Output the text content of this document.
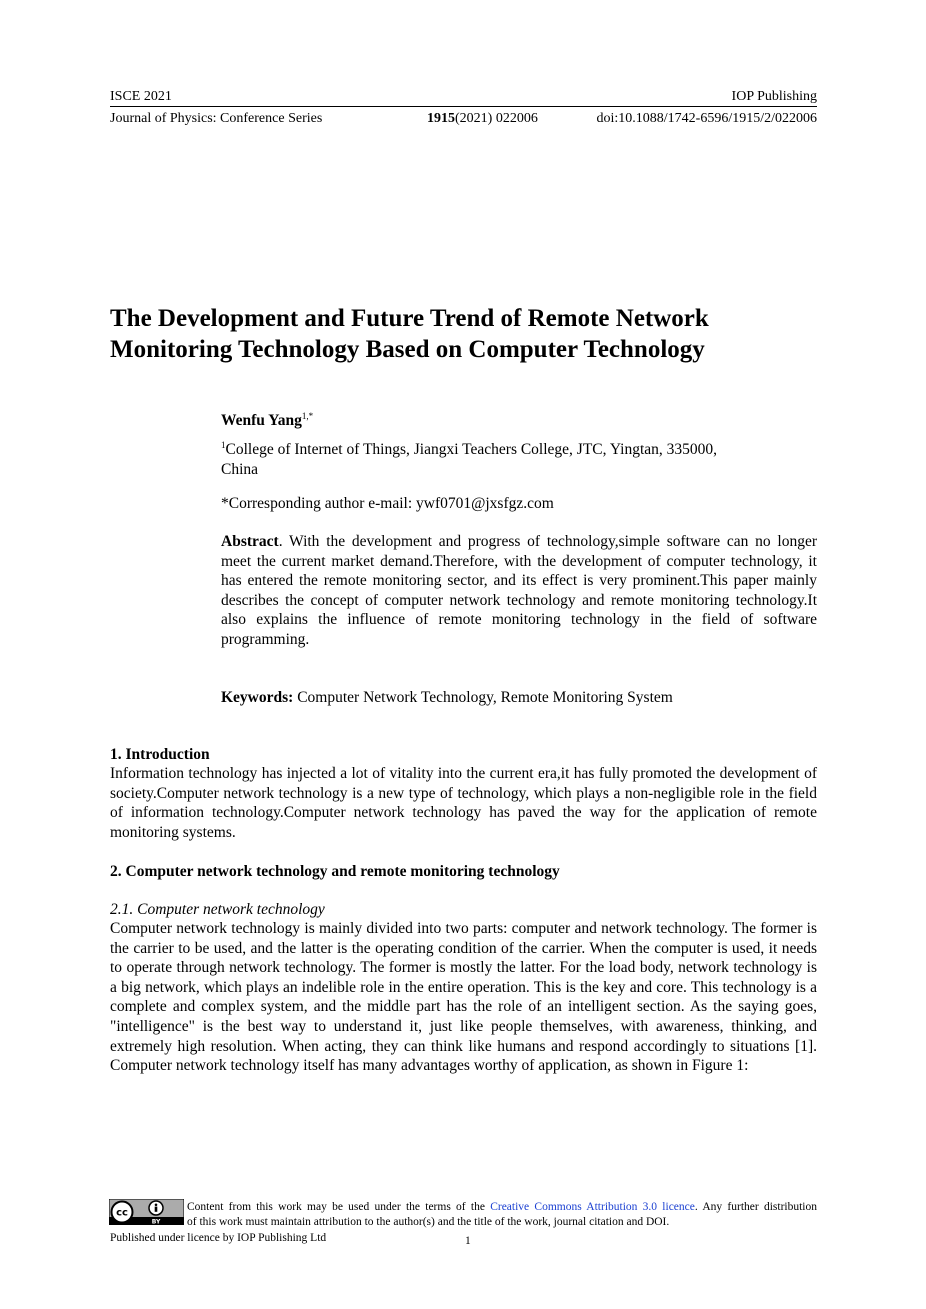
ISCE 2021	IOP Publishing
Journal of Physics: Conference Series	1915(2021) 022006	doi:10.1088/1742-6596/1915/2/022006
The Development and Future Trend of Remote Network
Monitoring Technology Based on Computer Technology
Wenfu Yang$^{1,*}$
$^1$College of Internet of Things, Jiangxi Teachers College, JTC, Yingtan, 335000,
China
*Corresponding author e-mail: ywf0701@jxsfgz.com
Abstract. With the development and progress of technology,simple software can no longer meet the current market demand.Therefore, with the development of computer technology, it has entered the remote monitoring sector, and its effect is very prominent.This paper mainly describes the concept of computer network technology and remote monitoring technology.It also explains the influence of remote monitoring technology in the field of software programming.
Keywords: Computer Network Technology, Remote Monitoring System
1. Introduction
Information technology has injected a lot of vitality into the current era,it has fully promoted the development of society.Computer network technology is a new type of technology, which plays a non-negligible role in the field of information technology.Computer network technology has paved the way for the application of remote monitoring systems.
2. Computer network technology and remote monitoring technology
2.1. Computer network technology
Computer network technology is mainly divided into two parts: computer and network technology. The former is the carrier to be used, and the latter is the operating condition of the carrier. When the computer is used, it needs to operate through network technology. The former is mostly the latter. For the load body, network technology is a big network, which plays an indelible role in the entire operation. This is the key and core. This technology is a complete and complex system, and the middle part has the role of an intelligent section. As the saying goes, "intelligence" is the best way to understand it, just like people themselves, with awareness, thinking, and extremely high resolution. When acting, they can think like humans and respond accordingly to situations [1]. Computer network technology itself has many advantages worthy of application, as shown in Figure 1:
cc
BY
Content from this work may be used under the terms of the Creative Commons Attribution 3.0 licence. Any further distribution
of this work must maintain attribution to the author(s) and the title of the work, journal citation and DOI.
Published under licence by IOP Publishing Ltd	1
